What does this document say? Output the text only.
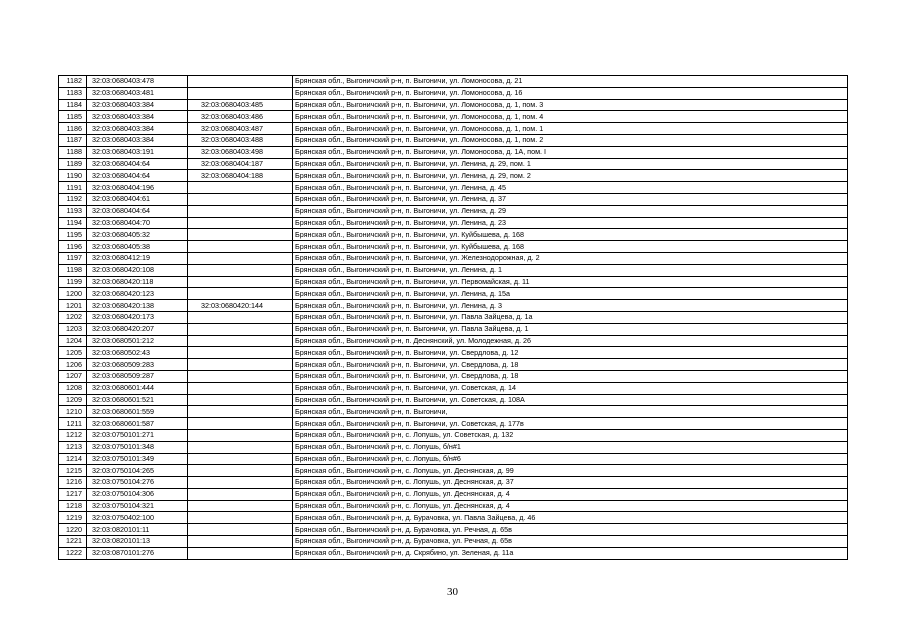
1182	32:03:0680403:478		Брянская обл., Выгоничский р-н, п. Выгоничи, ул. Ломоносова, д. 21
1183	32:03:0680403:481		Брянская обл., Выгоничский р-н, п. Выгоничи, ул. Ломоносова, д. 16
1184	32:03:0680403:384	32:03:0680403:485	Брянская обл., Выгоничский р-н, п. Выгоничи, ул. Ломоносова, д. 1, пом. 3
1185	32:03:0680403:384	32:03:0680403:486	Брянская обл., Выгоничский р-н, п. Выгоничи, ул. Ломоносова, д. 1, пом. 4
1186	32:03:0680403:384	32:03:0680403:487	Брянская обл., Выгоничский р-н, п. Выгоничи, ул. Ломоносова, д. 1, пом. 1
1187	32:03:0680403:384	32:03:0680403:488	Брянская обл., Выгоничский р-н, п. Выгоничи, ул. Ломоносова, д. 1, пом. 2
1188	32:03:0680403:191	32:03:0680403:498	Брянская обл., Выгоничский р-н, п. Выгоничи, ул. Ломоносова, д. 1А, пом. I
1189	32:03:0680404:64	32:03:0680404:187	Брянская обл., Выгоничский р-н, п. Выгоничи, ул. Ленина, д. 29, пом. 1
1190	32:03:0680404:64	32:03:0680404:188	Брянская обл., Выгоничский р-н, п. Выгоничи, ул. Ленина, д. 29, пом. 2
1191	32:03:0680404:196		Брянская обл., Выгоничский р-н, п. Выгоничи, ул. Ленина, д. 45
1192	32:03:0680404:61		Брянская обл., Выгоничский р-н, п. Выгоничи, ул. Ленина, д. 37
1193	32:03:0680404:64		Брянская обл., Выгоничский р-н, п. Выгоничи, ул. Ленина, д. 29
1194	32:03:0680404:70		Брянская обл., Выгоничский р-н, п. Выгоничи, ул. Ленина, д. 23
1195	32:03:0680405:32		Брянская обл., Выгоничский р-н, п. Выгоничи, ул. Куйбышева, д. 168
1196	32:03:0680405:38		Брянская обл., Выгоничский р-н, п. Выгоничи, ул. Куйбышева, д. 168
1197	32:03:0680412:19		Брянская обл., Выгоничский р-н, п. Выгоничи, ул. Железнодорожная, д. 2
1198	32:03:0680420:108		Брянская обл., Выгоничский р-н, п. Выгоничи, ул. Ленина, д. 1
1199	32:03:0680420:118		Брянская обл., Выгоничский р-н, п. Выгоничи, ул. Первомайская, д. 11
1200	32:03:0680420:123		Брянская обл., Выгоничский р-н, п. Выгоничи, ул. Ленина, д. 15а
1201	32:03:0680420:138	32:03:0680420:144	Брянская обл., Выгоничский р-н, п. Выгоничи, ул. Ленина, д. 3
1202	32:03:0680420:173		Брянская обл., Выгоничский р-н, п. Выгоничи, ул. Павла Зайцева, д. 1а
1203	32:03:0680420:207		Брянская обл., Выгоничский р-н, п. Выгоничи, ул. Павла Зайцева, д. 1
1204	32:03:0680501:212		Брянская обл., Выгоничский р-н, п. Деснянский, ул. Молодежная, д. 26
1205	32:03:0680502:43		Брянская обл., Выгоничский р-н, п. Выгоничи, ул. Свердлова, д. 12
1206	32:03:0680509:283		Брянская обл., Выгоничский р-н, п. Выгоничи, ул. Свердлова, д. 18
1207	32:03:0680509:287		Брянская обл., Выгоничский р-н, п. Выгоничи, ул. Свердлова, д. 18
1208	32:03:0680601:444		Брянская обл., Выгоничский р-н, п. Выгоничи, ул. Советская, д. 14
1209	32:03:0680601:521		Брянская обл., Выгоничский р-н, п. Выгоничи, ул. Советская, д. 108А
1210	32:03:0680601:559		Брянская обл., Выгоничский р-н, п. Выгоничи,
1211	32:03:0680601:587		Брянская обл., Выгоничский р-н, п. Выгоничи, ул. Советская, д. 177в
1212	32:03:0750101:271		Брянская обл., Выгоничский р-н, с. Лопушь, ул. Советская, д. 132
1213	32:03:0750101:348		Брянская обл., Выгоничский р-н, с. Лопушь, б/н#1
1214	32:03:0750101:349		Брянская обл., Выгоничский р-н, с. Лопушь, б/н#6
1215	32:03:0750104:265		Брянская обл., Выгоничский р-н, с. Лопушь, ул. Деснянская, д. 99
1216	32:03:0750104:276		Брянская обл., Выгоничский р-н, с. Лопушь, ул. Деснянская, д. 37
1217	32:03:0750104:306		Брянская обл., Выгоничский р-н, с. Лопушь, ул. Деснянская, д. 4
1218	32:03:0750104:321		Брянская обл., Выгоничский р-н, с. Лопушь, ул. Деснянская, д. 4
1219	32:03:0750402:100		Брянская обл., Выгоничский р-н, д. Бурачовка, ул. Павла Зайцева, д. 46
1220	32:03:0820101:11		Брянская обл., Выгоничский р-н, д. Бурачовка, ул. Речная, д. 65в
1221	32:03:0820101:13		Брянская обл., Выгоничский р-н, д. Бурачовка, ул. Речная, д. 65в
1222	32:03:0870101:276		Брянская обл., Выгоничский р-н, д. Скрябино, ул. Зеленая, д. 11а
30
